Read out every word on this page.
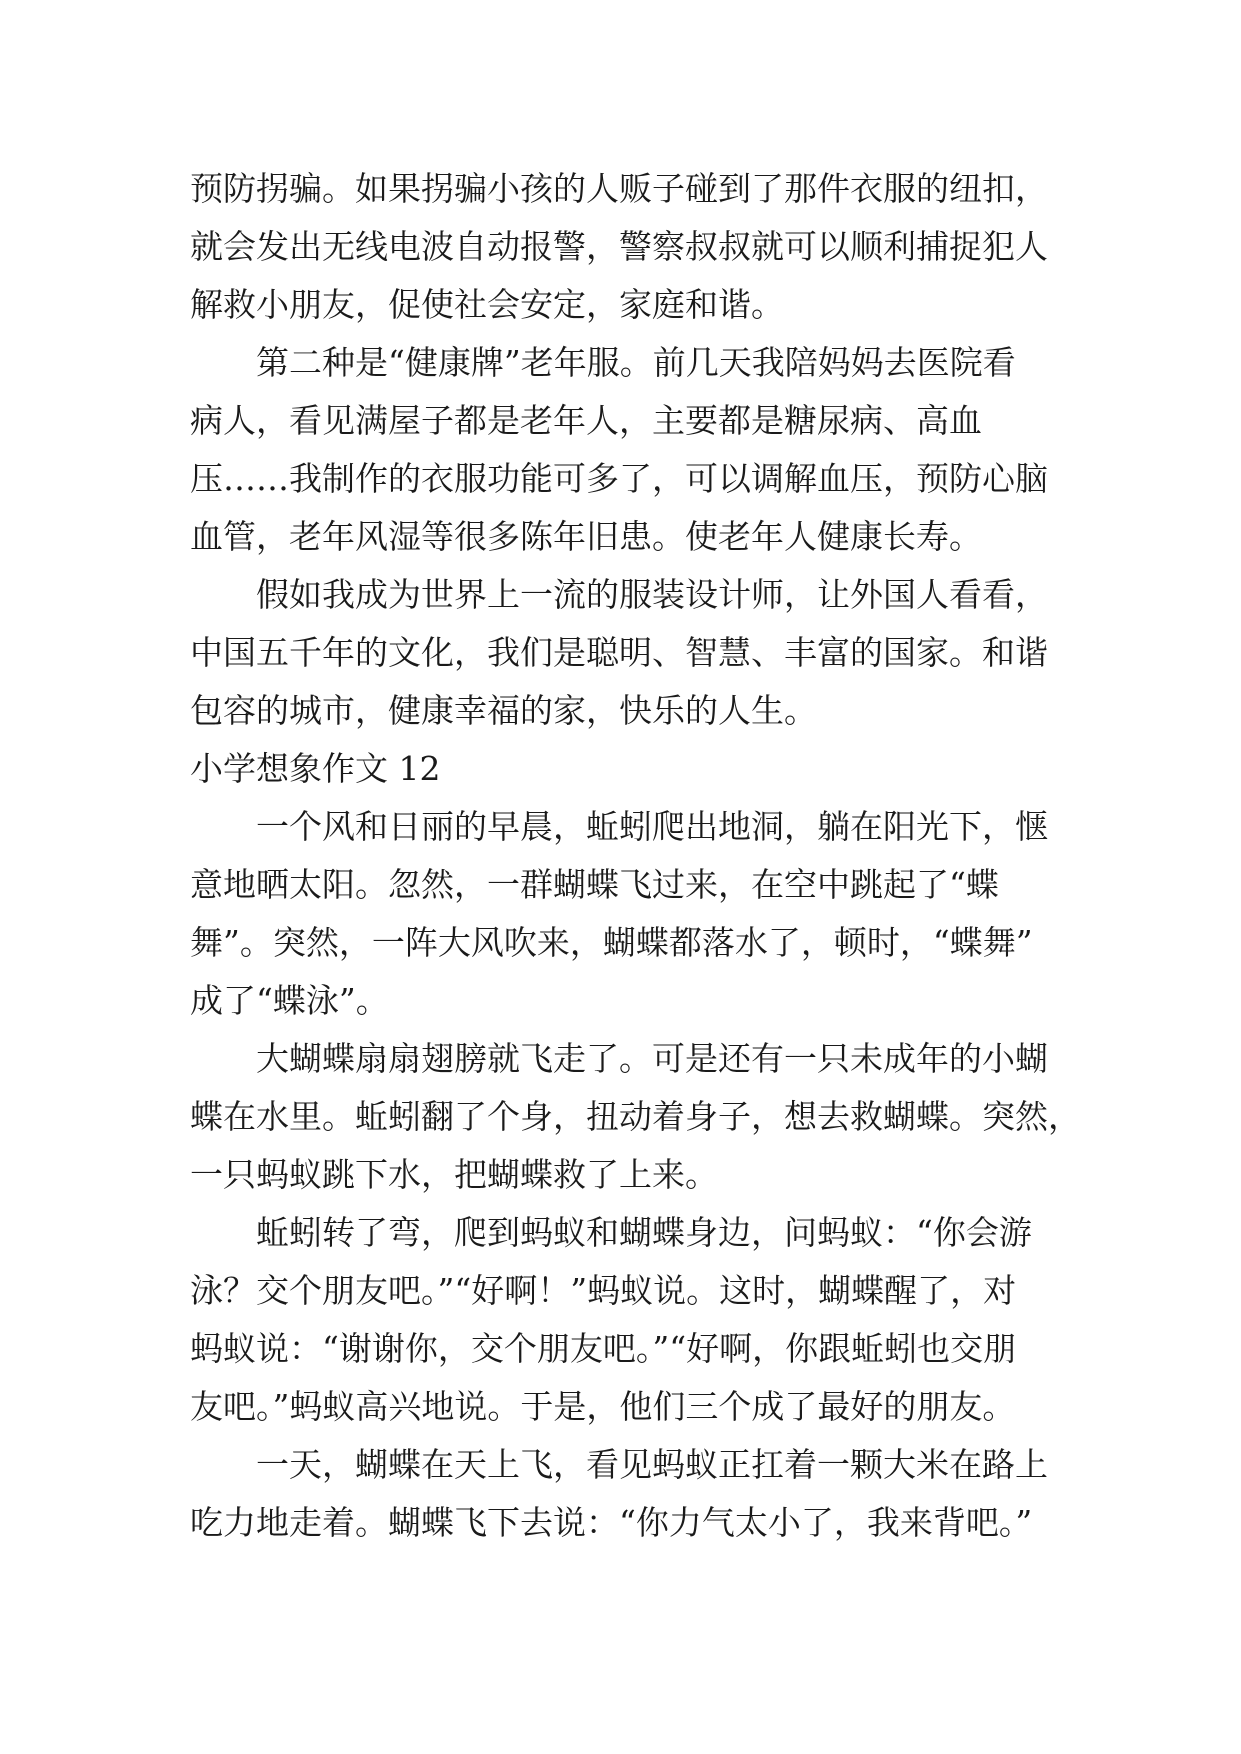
预防拐骗。如果拐骗小孩的人贩子碰到了那件衣服的纽扣，
就会发出无线电波自动报警，警察叔叔就可以顺利捕捉犯人
解救小朋友，促使社会安定，家庭和谐。
第二种是“健康牌”老年服。前几天我陪妈妈去医院看
病人，看见满屋子都是老年人，主要都是糖尿病、高血
压……我制作的衣服功能可多了，可以调解血压，预防心脑
血管，老年风湿等很多陈年旧患。使老年人健康长寿。
假如我成为世界上一流的服装设计师，让外国人看看，
中国五千年的文化，我们是聪明、智慧、丰富的国家。和谐
包容的城市，健康幸福的家，快乐的人生。
小学想象作文 12
一个风和日丽的早晨，蚯蚓爬出地洞，躺在阳光下，惬
意地晒太阳。忽然，一群蝴蝶飞过来，在空中跳起了“蝶
舞”。突然，一阵大风吹来，蝴蝶都落水了，顿时，“蝶舞”
成了“蝶泳”。
大蝴蝶扇扇翅膀就飞走了。可是还有一只未成年的小蝴
蝶在水里。蚯蚓翻了个身，扭动着身子，想去救蝴蝶。突然，
一只蚂蚁跳下水，把蝴蝶救了上来。
蚯蚓转了弯，爬到蚂蚁和蝴蝶身边，问蚂蚁：“你会游
泳？交个朋友吧。”“好啊！”蚂蚁说。这时，蝴蝶醒了，对
蚂蚁说：“谢谢你，交个朋友吧。”“好啊，你跟蚯蚓也交朋
友吧。”蚂蚁高兴地说。于是，他们三个成了最好的朋友。
一天，蝴蝶在天上飞，看见蚂蚁正扛着一颗大米在路上
吃力地走着。蝴蝶飞下去说：“你力气太小了，我来背吧。”
